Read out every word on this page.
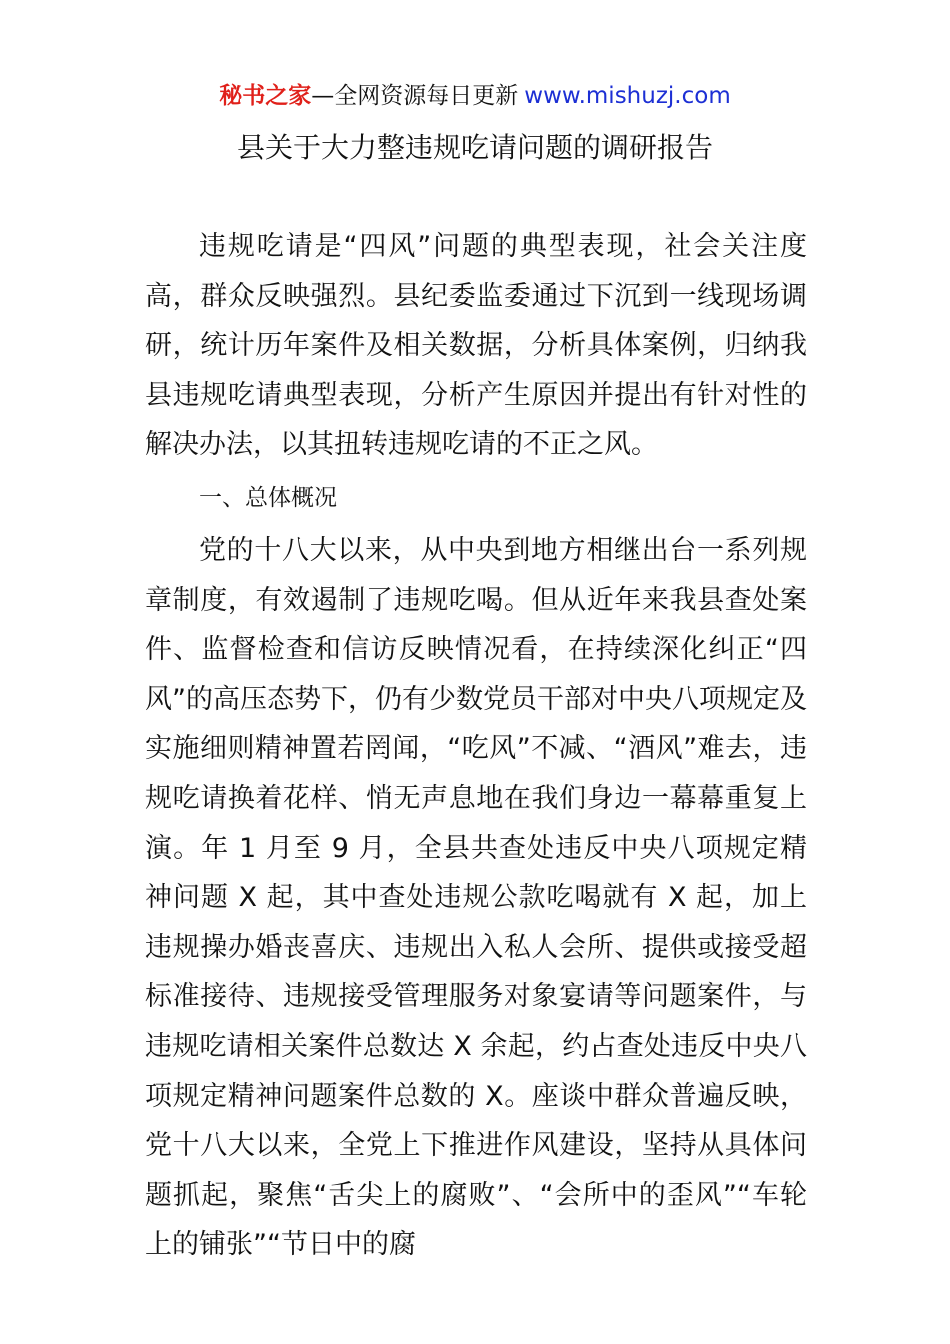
秘书之家—全网资源每日更新 www.mishuzj.com
县关于大力整违规吃请问题的调研报告

违规吃请是“四风”问题的典型表现，社会关注度高，群众反映强烈。县纪委监委通过下沉到一线现场调研，统计历年案件及相关数据，分析具体案例，归纳我县违规吃请典型表现，分析产生原因并提出有针对性的解决办法，以其扭转违规吃请的不正之风。

一、总体概况

党的十八大以来，从中央到地方相继出台一系列规章制度，有效遏制了违规吃喝。但从近年来我县查处案件、监督检查和信访反映情况看，在持续深化纠正“四风”的高压态势下，仍有少数党员干部对中央八项规定及实施细则精神置若罔闻，“吃风”不减、“酒风”难去，违规吃请换着花样、悄无声息地在我们身边一幕幕重复上演。年 1 月至 9 月，全县共查处违反中央八项规定精神问题 X 起，其中查处违规公款吃喝就有 X 起，加上违规操办婚丧喜庆、违规出入私人会所、提供或接受超标准接待、违规接受管理服务对象宴请等问题案件，与违规吃请相关案件总数达 X 余起，约占查处违反中央八项规定精神问题案件总数的 X。座谈中群众普遍反映，党十八大以来，全党上下推进作风建设，坚持从具体问题抓起，聚焦“舌尖上的腐败”、“会所中的歪风”“车轮上的铺张”“节日中的腐
